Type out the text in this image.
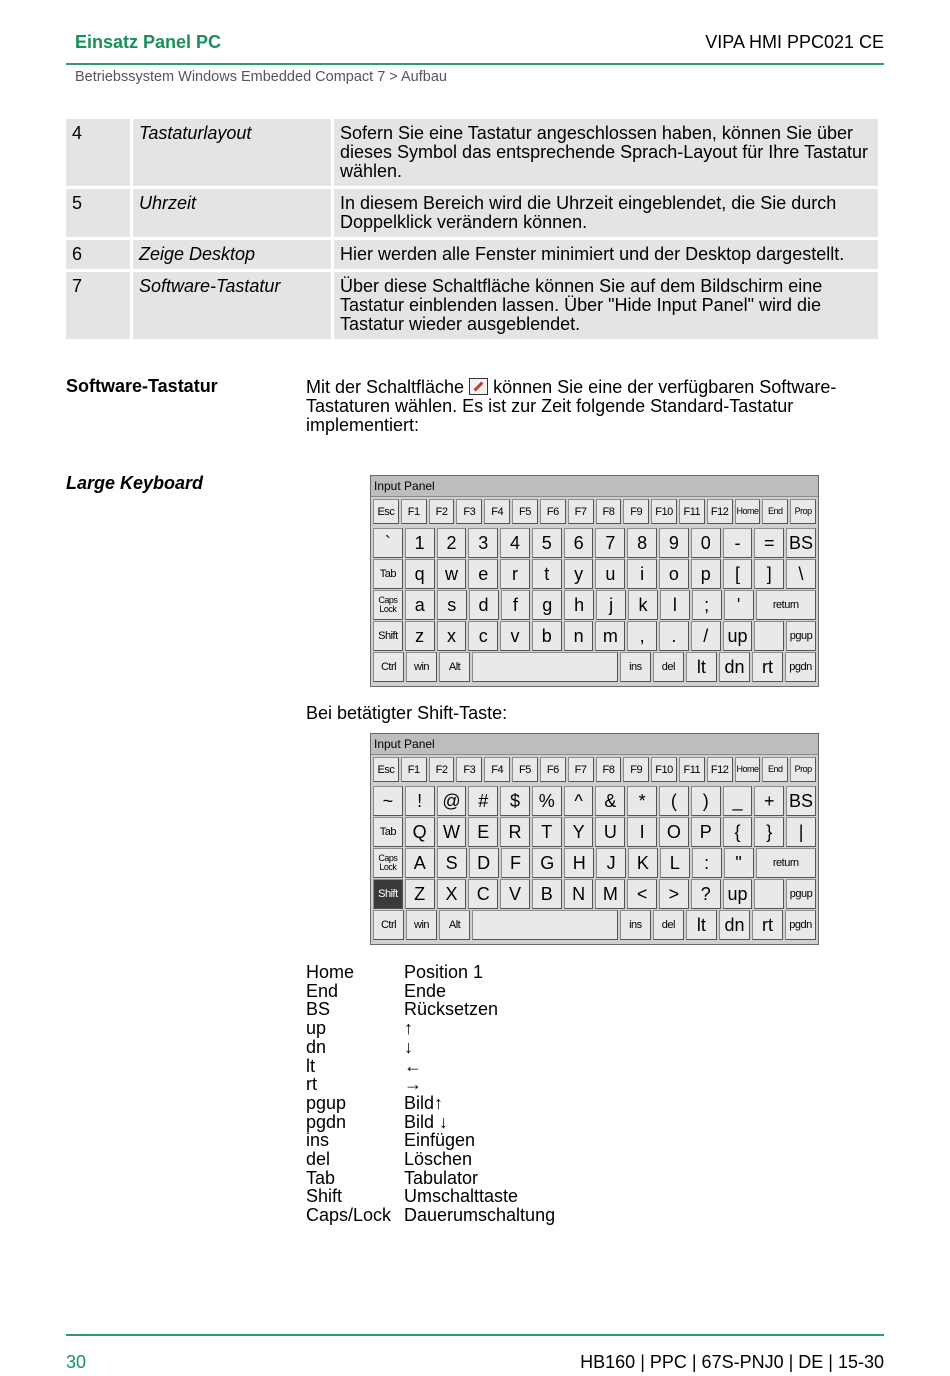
Einsatz Panel PC	VIPA HMI PPC021 CE
Betriebssystem Windows Embedded Compact 7 > Aufbau
4	Tastaturlayout	Sofern Sie eine Tastatur angeschlossen haben, können Sie über dieses Symbol das entsprechende Sprach-Layout für Ihre Tastatur wählen.
5	Uhrzeit	In diesem Bereich wird die Uhrzeit eingeblendet, die Sie durch Doppelklick verändern können.
6	Zeige Desktop	Hier werden alle Fenster minimiert und der Desktop dargestellt.
7	Software-Tastatur	Über diese Schaltfläche können Sie auf dem Bildschirm eine Tastatur einblenden lassen. Über "Hide Input Panel" wird die Tastatur wieder ausgeblendet.
Software-Tastatur	Mit der Schaltfläche können Sie eine der verfügbaren Software-Tastaturen wählen. Es ist zur Zeit folgende Standard-Tastatur implementiert:
Large Keyboard	Input Panel
Esc	F1	F2	F3	F4	F5	F6	F7	F8	F9	F10 F11 F12 Home	End	Prop
`	1	2	3	4	5	6	7	8	9	0	-	= BS
Tab	q	w	e	r	t	y	u	i	o	p	[	]	\
Caps Lock	a	s	d	f	g	h	j	k	l	;	'	return
Shift z	x	c	v	b	n	m	,	.	/	up	pgup
Ctrl	win	Alt	ins	del	lt	dn rt	pgdn
Bei betätigter Shift-Taste:
Input Panel
Esc	F1	F2	F3	F4	F5	F6	F7	F8	F9	F10 F11 F12 Home	End	Prop
~	!	@ #	$	%	^	&	*	(	)	_	+ BS
Tab Q W E	R	T	Y	U	I	O	P	{	}	|
Caps Lock A	S	D	F	G	H	J	K	L	:	"	return
Shift Z	X	C	V	B	N M	<	>	? up	pgup
Ctrl	win	Alt	ins	del	lt	dn rt	pgdn
Home	Position 1
End	Ende
BS	Rücksetzen
up	↑
dn	↓
lt	←
rt	→
pgup	Bild↑
pgdn	Bild ↓
ins	Einfügen
del	Löschen
Tab	Tabulator
Shift	Umschalttaste
Caps/Lock Dauerumschaltung
30	HB160 | PPC | 67S-PNJ0 | DE | 15-30
